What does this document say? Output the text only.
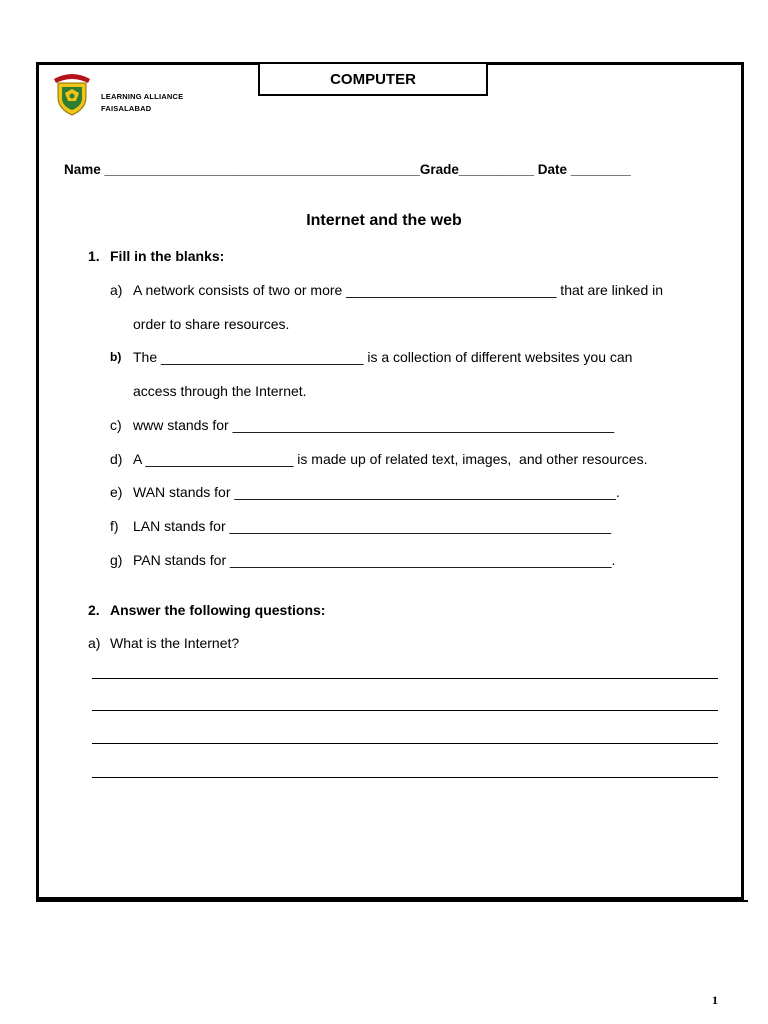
COMPUTER
LEARNING ALLIANCE
FAISALABAD
Name __________________________________________Grade__________ Date ________
Internet and the web
1. Fill in the blanks:
a) A network consists of two or more ___________________________ that are linked in
order to share resources.
b) The __________________________ is a collection of different websites you can
access through the Internet.
c) www stands for _________________________________________________
d) A ___________________ is made up of related text, images,  and other resources.
e) WAN stands for _________________________________________________.
f) LAN stands for _________________________________________________
g) PAN stands for _________________________________________________.
2. Answer the following questions:
a) What is the Internet?
1
